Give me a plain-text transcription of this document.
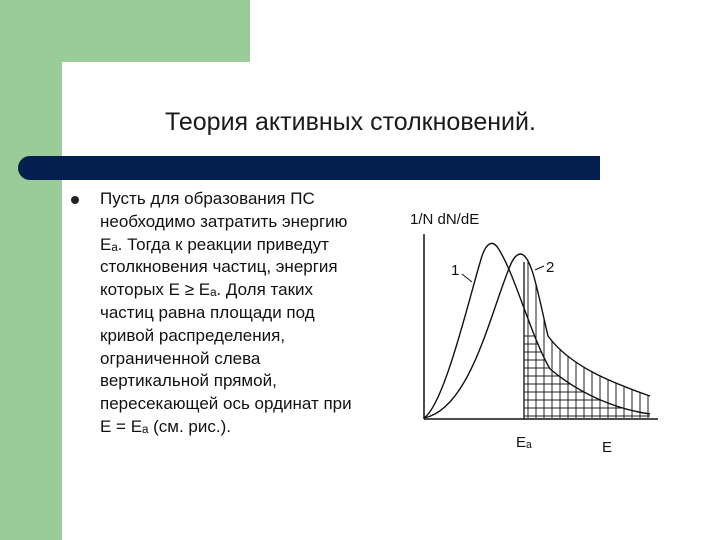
Теория активных столкновений.
Пусть для образования ПС
необходимо затратить энергию
Eₐ. Тогда к реакции приведут
столкновения частиц, энергия
которых E ≥ Eₐ. Доля таких
частиц равна площади под
кривой распределения,
ограниченной слева
вертикальной прямой,
пересекающей ось ординат при
E = Eₐ (см. рис.).
1/N dN/dE
1	2
Eₐ	E
